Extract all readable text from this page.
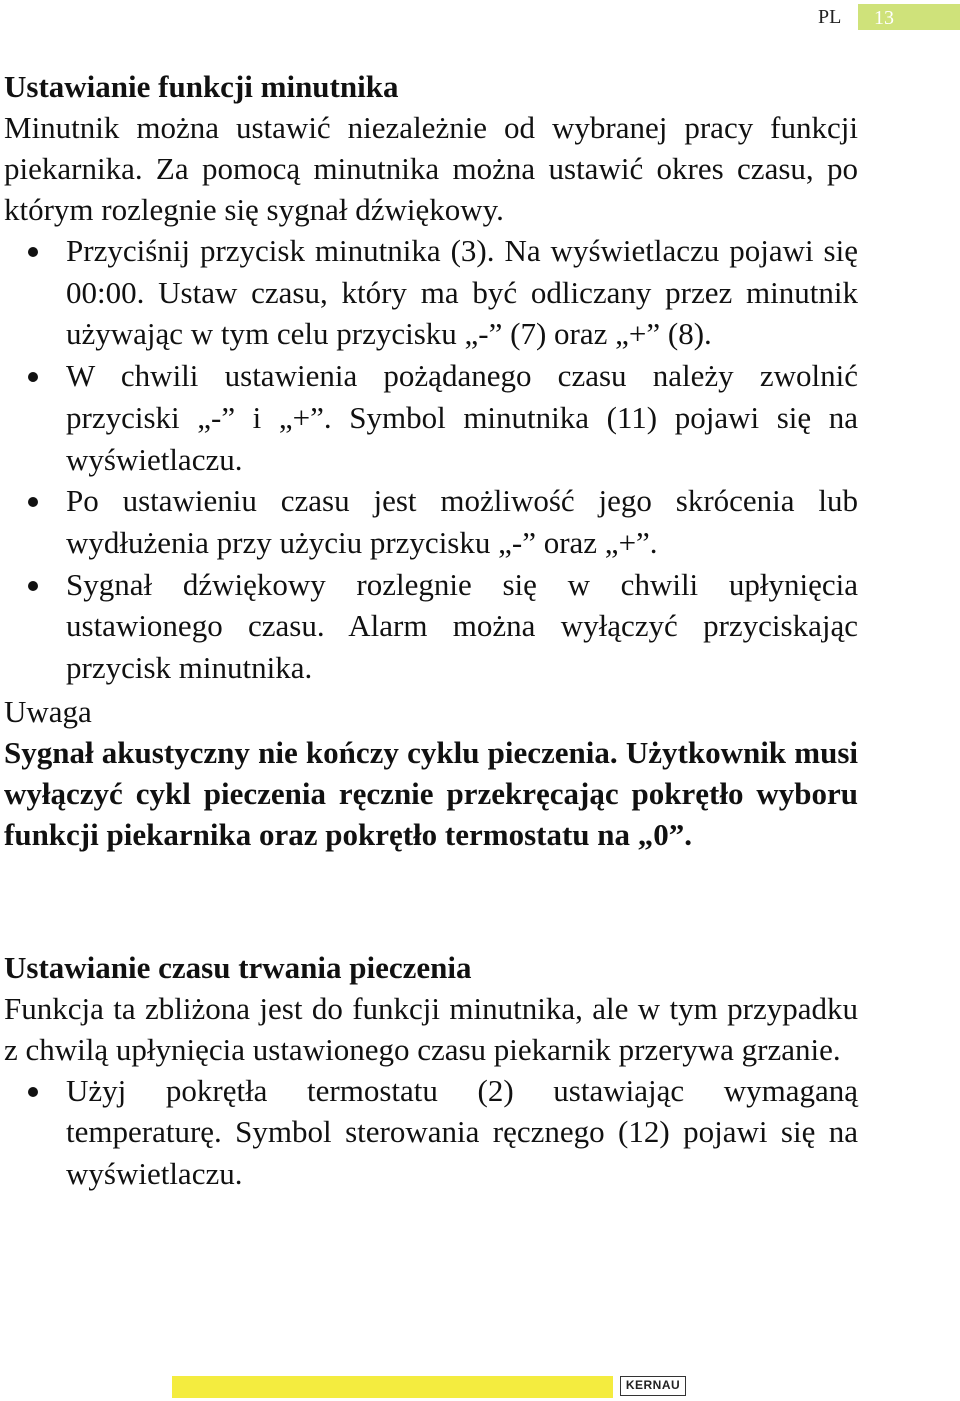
PL 13
Ustawianie funkcji minutnika

Minutnik można ustawić niezależnie od wybranej pracy funkcji piekarnika. Za pomocą minutnika można ustawić okres czasu, po którym rozlegnie się sygnał dźwiękowy.

Przyciśnij przycisk minutnika (3). Na wyświetlaczu pojawi się 00:00. Ustaw czasu, który ma być odliczany przez minutnik używając w tym celu przycisku „-” (7) oraz „+” (8).
W chwili ustawienia pożądanego czasu należy zwolnić przyciski „-” i „+”. Symbol minutnika (11) pojawi się na wyświetlaczu.
Po ustawieniu czasu jest możliwość jego skrócenia lub wydłużenia przy użyciu przycisku „-” oraz „+”.
Sygnał dźwiękowy rozlegnie się w chwili upłynięcia ustawionego czasu. Alarm można wyłączyć przyciskając przycisk minutnika.

Uwaga

Sygnał akustyczny nie kończy cyklu pieczenia. Użytkownik musi wyłączyć cykl pieczenia ręcznie przekręcając pokrętło wyboru funkcji piekarnika oraz pokrętło termostatu na „0”.

Ustawianie czasu trwania pieczenia

Funkcja ta zbliżona jest do funkcji minutnika, ale w tym przypadku z chwilą upłynięcia ustawionego czasu piekarnik przerywa grzanie.

Użyj pokrętła termostatu (2) ustawiając wymaganą temperaturę. Symbol sterowania ręcznego (12) pojawi się na wyświetlaczu.
KERNAU
